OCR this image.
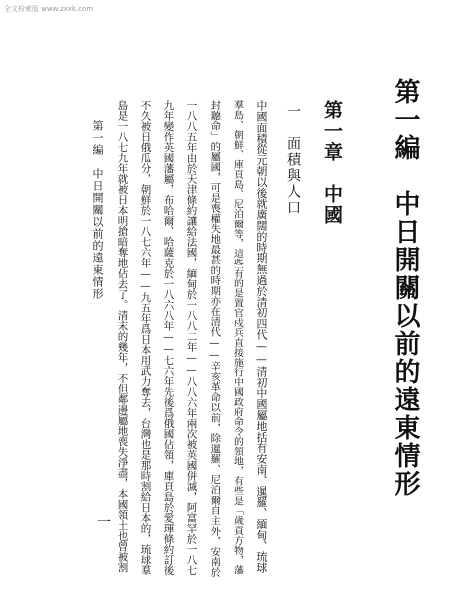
全文检索版 www.zxxk.com
第一編　中日開關以前的遠東情形
第一章　中國
一　面積與人口
中國面積從元朝以後就廣闊的時期無過於清初四代——清初中國屬地括有安南、暹羅、緬甸、琉球
羣島、朝鮮、庫頁島、尼泊爾等，這些有的是置官戍兵直接施行中國政府命令的領地，有些是「歲貢方物，藩
封聽命」的屬國，可是喪權失地最甚的時期亦在清代——辛亥革命以前，除暹羅、尼泊爾自主外，安南於
一八八五年由於天津條約讓給法國，緬甸於一八八二年——八八六年兩次被英國併滅，阿富罕於一八七
九年變作英國藩屬，布哈爾、哈薩克於一八六八年——七六年先後爲俄國佔領，庫頁島於愛琿條約訂後
不久被日俄瓜分，朝鮮於一八七六年——九五年爲日本用武力奪去，台灣也是那時割給日本的，琉球羣
島是一八七九年就被日本明搶暗奪地佔去了。清末的幾年，不但鄰邊屬地喪失淨盡，本國領土也曾被割
第一編　中日開關以前的遠東情形
一
